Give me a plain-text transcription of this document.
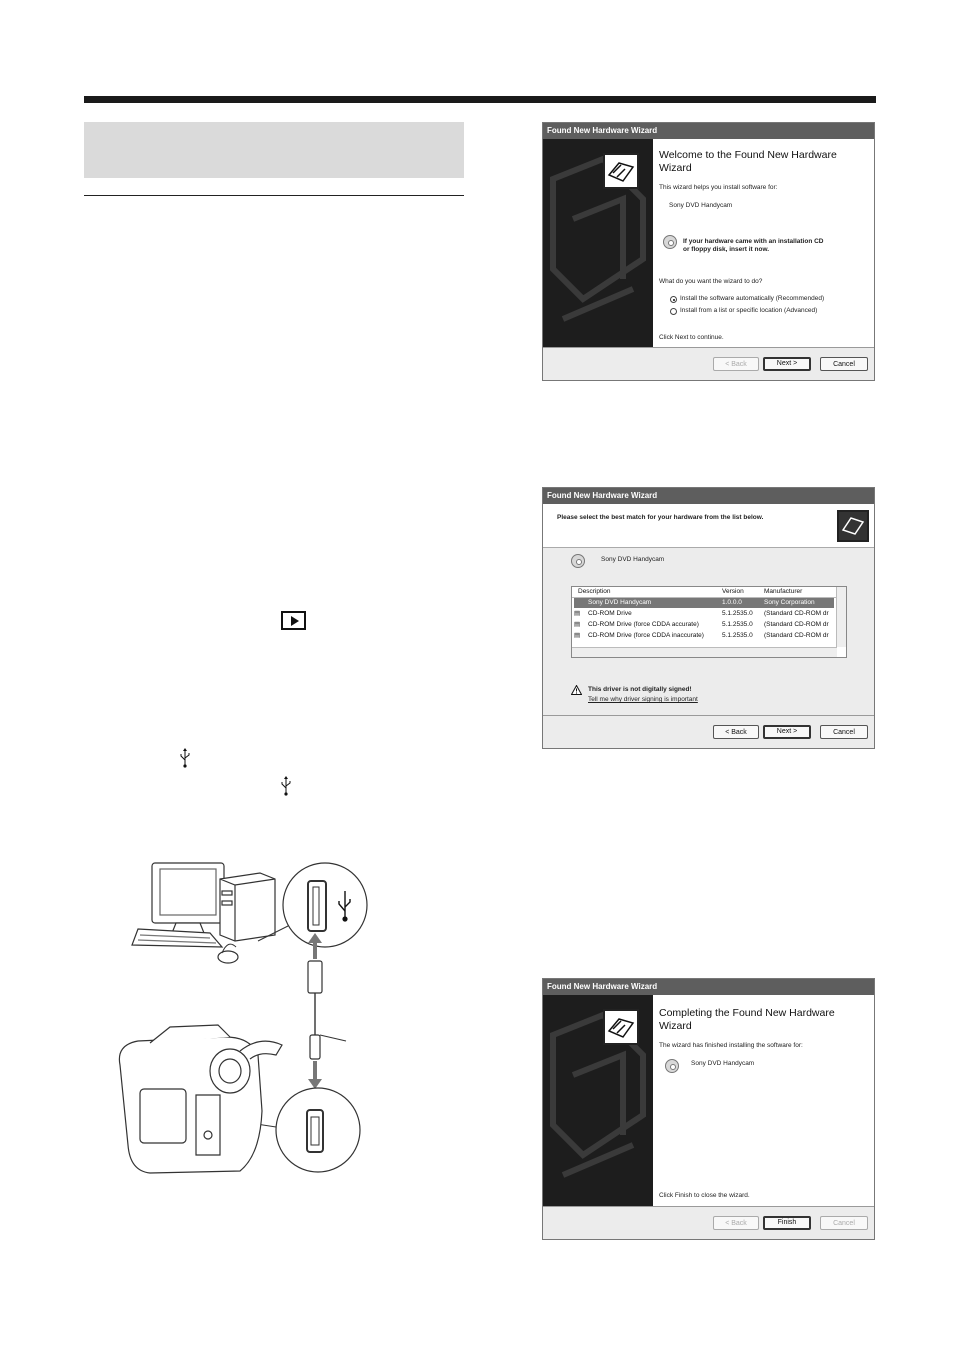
Found New Hardware Wizard
Welcome to the Found New Hardware Wizard
This wizard helps you install software for:
Sony DVD Handycam
If your hardware came with an installation CD
or floppy disk, insert it now.
What do you want the wizard to do?
Install the software automatically (Recommended)
Install from a list or specific location (Advanced)
Click Next to continue.
< Back	Next >	Cancel
Found New Hardware Wizard
Please select the best match for your hardware from the list below.
Sony DVD Handycam
Description	Version	Manufacturer
Sony DVD Handycam	1.0.0.0	Sony Corporation
▤	CD-ROM Drive	5.1.2535.0	(Standard CD-ROM dr
▤	CD-ROM Drive (force CDDA accurate)	5.1.2535.0	(Standard CD-ROM dr
▤	CD-ROM Drive (force CDDA inaccurate)	5.1.2535.0	(Standard CD-ROM dr
This driver is not digitally signed!
Tell me why driver signing is important
< Back	Next >	Cancel
Found New Hardware Wizard
Completing the Found New Hardware Wizard
The wizard has finished installing the software for:
Sony DVD Handycam
Click Finish to close the wizard.
< Back	Finish	Cancel
